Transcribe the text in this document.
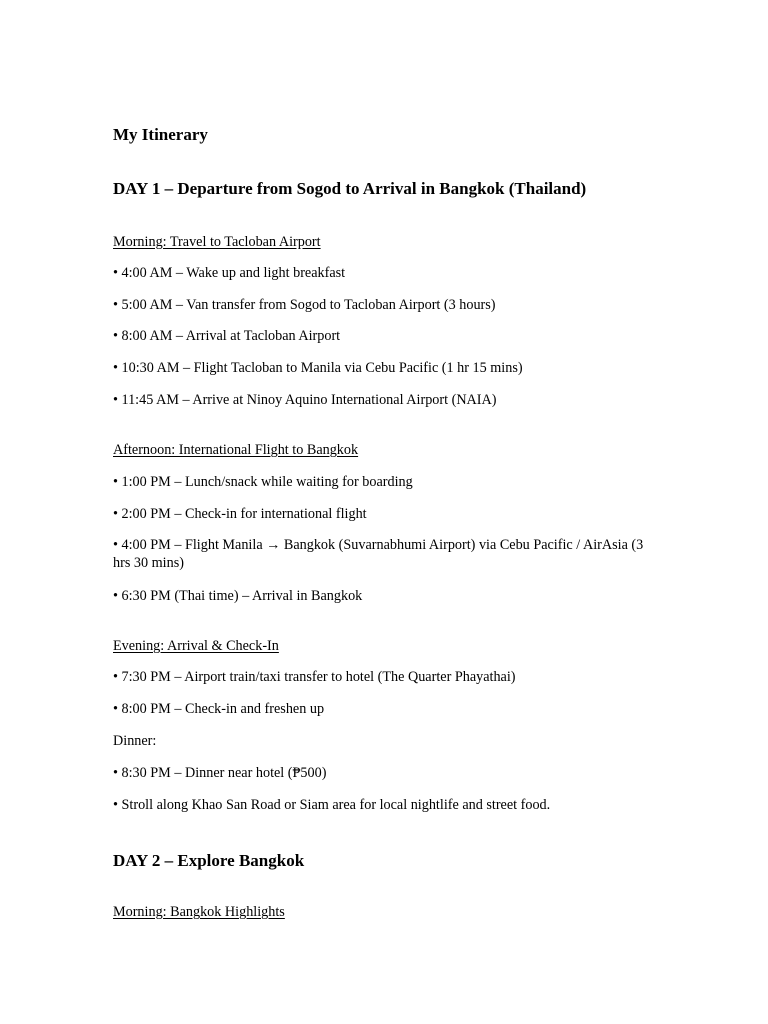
My Itinerary
DAY 1 – Departure from Sogod to Arrival in Bangkok (Thailand)
Morning: Travel to Tacloban Airport
• 4:00 AM – Wake up and light breakfast
• 5:00 AM – Van transfer from Sogod to Tacloban Airport (3 hours)
• 8:00 AM – Arrival at Tacloban Airport
• 10:30 AM – Flight Tacloban to Manila via Cebu Pacific (1 hr 15 mins)
• 11:45 AM – Arrive at Ninoy Aquino International Airport (NAIA)
Afternoon: International Flight to Bangkok
• 1:00 PM – Lunch/snack while waiting for boarding
• 2:00 PM – Check-in for international flight
• 4:00 PM – Flight Manila → Bangkok (Suvarnabhumi Airport) via Cebu Pacific / AirAsia (3 hrs 30 mins)
• 6:30 PM (Thai time) – Arrival in Bangkok
Evening: Arrival & Check-In
• 7:30 PM – Airport train/taxi transfer to hotel (The Quarter Phayathai)
• 8:00 PM – Check-in and freshen up
Dinner:
• 8:30 PM – Dinner near hotel (₱500)
• Stroll along Khao San Road or Siam area for local nightlife and street food.
DAY 2 – Explore Bangkok
Morning: Bangkok Highlights
